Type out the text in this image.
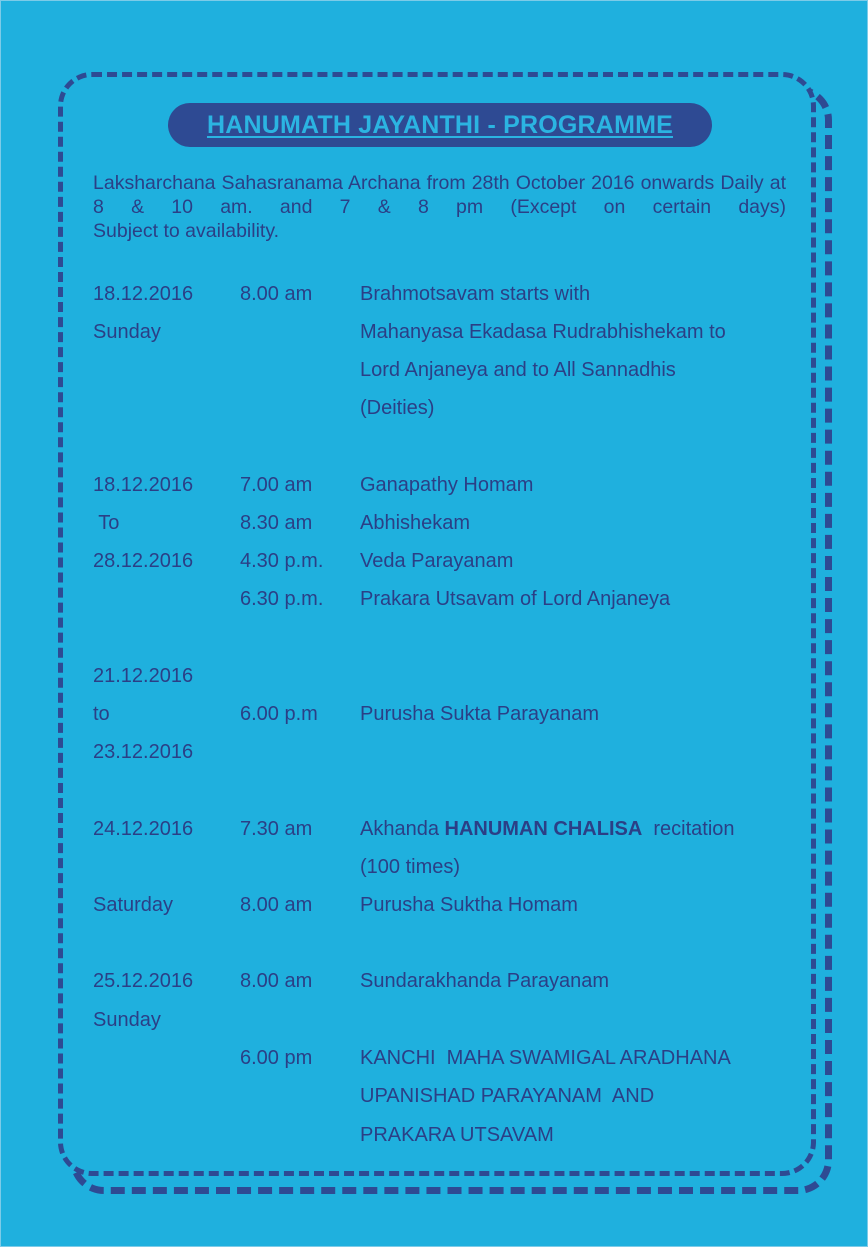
HANUMATH JAYANTHI - PROGRAMME
Laksharchana Sahasranama Archana from 28th October 2016 onwards Daily at 8 & 10 am. and 7 & 8 pm (Except on certain days)
Subject to availability.
18.12.2016 8.00 am Brahmotsavam starts with
Sunday	Mahanyasa Ekadasa Rudrabhishekam to
Lord Anjaneya and to All Sannadhis
(Deities)
18.12.2016 7.00 am Ganapathy Homam
To	8.30 am Abhishekam
28.12.2016 4.30 p.m. Veda Parayanam
6.30 p.m. Prakara Utsavam of Lord Anjaneya
21.12.2016
to	6.00 p.m Purusha Sukta Parayanam
23.12.2016
24.12.2016 7.30 am Akhanda HANUMAN CHALISA  recitation
(100 times)
Saturday	8.00 am Purusha Suktha Homam
25.12.2016 8.00 am Sundarakhanda Parayanam
Sunday
6.00 pm KANCHI  MAHA SWAMIGAL ARADHANA
UPANISHAD PARAYANAM  AND
PRAKARA UTSAVAM
